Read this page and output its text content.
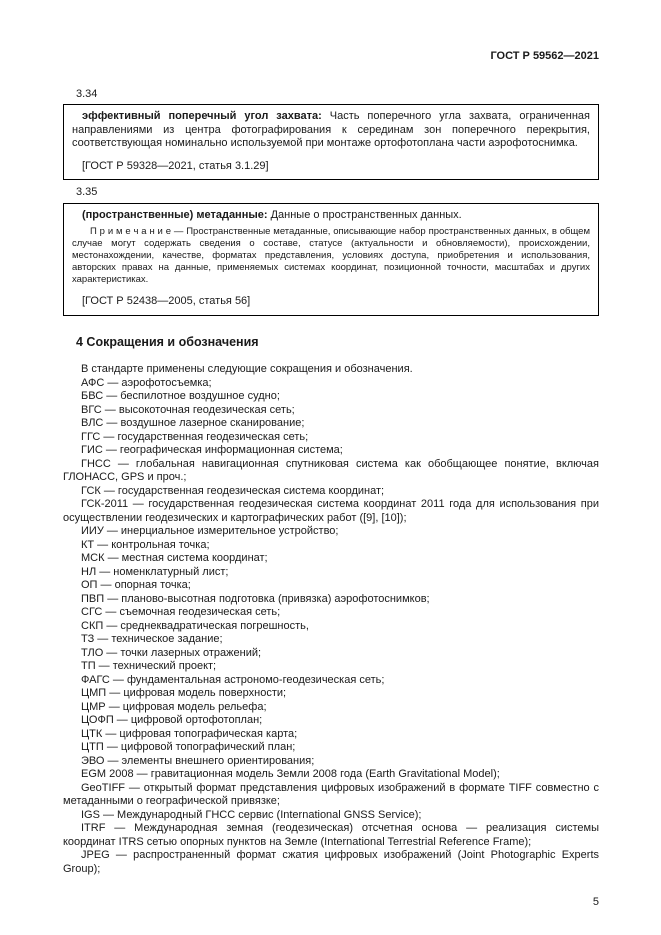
ГОСТ Р 59562—2021
3.34

эффективный поперечный угол захвата: Часть поперечного угла захвата, ограниченная направлениями из центра фотографирования к серединам зон поперечного перекрытия, соответствующая номинально используемой при монтаже ортофотоплана части аэрофотоснимка.

[ГОСТ Р 59328—2021, статья 3.1.29]

3.35

(пространственные) метаданные: Данные о пространственных данных.

П р и м е ч а н и е — Пространственные метаданные, описывающие набор пространственных данных, в общем случае могут содержать сведения о составе, статусе (актуальности и обновляемости), происхождении, местонахождении, качестве, форматах представления, условиях доступа, приобретения и использования, авторских правах на данные, применяемых системах координат, позиционной точности, масштабах и других характеристиках.

[ГОСТ Р 52438—2005, статья 56]

4 Сокращения и обозначения

В стандарте применены следующие сокращения и обозначения.

АФС — аэрофотосъемка;

БВС — беспилотное воздушное судно;

ВГС — высокоточная геодезическая сеть;

ВЛС — воздушное лазерное сканирование;

ГГС — государственная геодезическая сеть;

ГИС — географическая информационная система;

ГНСС — глобальная навигационная спутниковая система как обобщающее понятие, включая ГЛОНАСС, GPS и проч.;

ГСК — государственная геодезическая система координат;

ГСК-2011 — государственная геодезическая система координат 2011 года для использования при осуществлении геодезических и картографических работ ([9], [10]);

ИИУ — инерциальное измерительное устройство;

КТ — контрольная точка;

МСК — местная система координат;

НЛ — номенклатурный лист;

ОП — опорная точка;

ПВП — планово-высотная подготовка (привязка) аэрофотоснимков;

СГС — съемочная геодезическая сеть;

СКП — среднеквадратическая погрешность,

ТЗ — техническое задание;

ТЛО — точки лазерных отражений;

ТП — технический проект;

ФАГС — фундаментальная астрономо-геодезическая сеть;

ЦМП — цифровая модель поверхности;

ЦМР — цифровая модель рельефа;

ЦОФП — цифровой ортофотоплан;

ЦТК — цифровая топографическая карта;

ЦТП — цифровой топографический план;

ЭВО — элементы внешнего ориентирования;

EGM 2008 — гравитационная модель Земли 2008 года (Earth Gravitational Model);

GeoTIFF — открытый формат представления цифровых изображений в формате TIFF совместно с метаданными о географической привязке;

IGS — Международный ГНСС сервис (International GNSS Service);

ITRF — Международная земная (геодезическая) отсчетная основа — реализация системы координат ITRS сетью опорных пунктов на Земле (International Terrestrial Reference Frame);

JPEG — распространенный формат сжатия цифровых изображений (Joint Photographic Experts Group);

5
